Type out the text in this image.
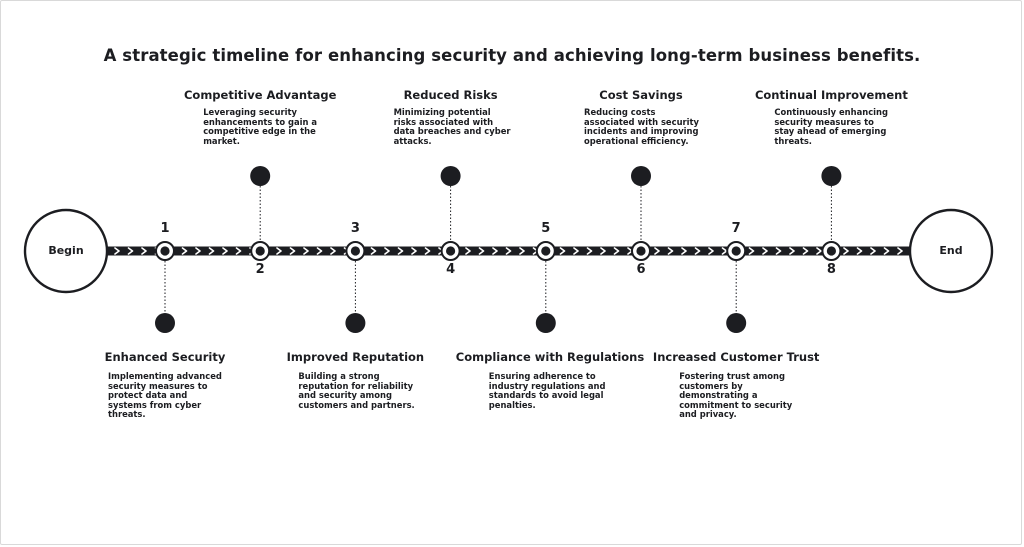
A strategic timeline for enhancing security and achieving long-term business benefits.
Begin	End
1
Enhanced Security
Implementing advanced security measures to protect data and systems from cyber threats.
2
Competitive Advantage
Leveraging security enhancements to gain a competitive edge in the market.
3
Improved Reputation
Building a strong reputation for reliability and security among customers and partners.
4
Reduced Risks
Minimizing potential risks associated with data breaches and cyber attacks.
5
Compliance with Regulations
Ensuring adherence to industry regulations and standards to avoid legal penalties.
6
Cost Savings
Reducing costs associated with security incidents and improving operational efficiency.
7
Increased Customer Trust
Fostering trust among customers by demonstrating a commitment to security and privacy.
8
Continual Improvement
Continuously enhancing security measures to stay ahead of emerging threats.
